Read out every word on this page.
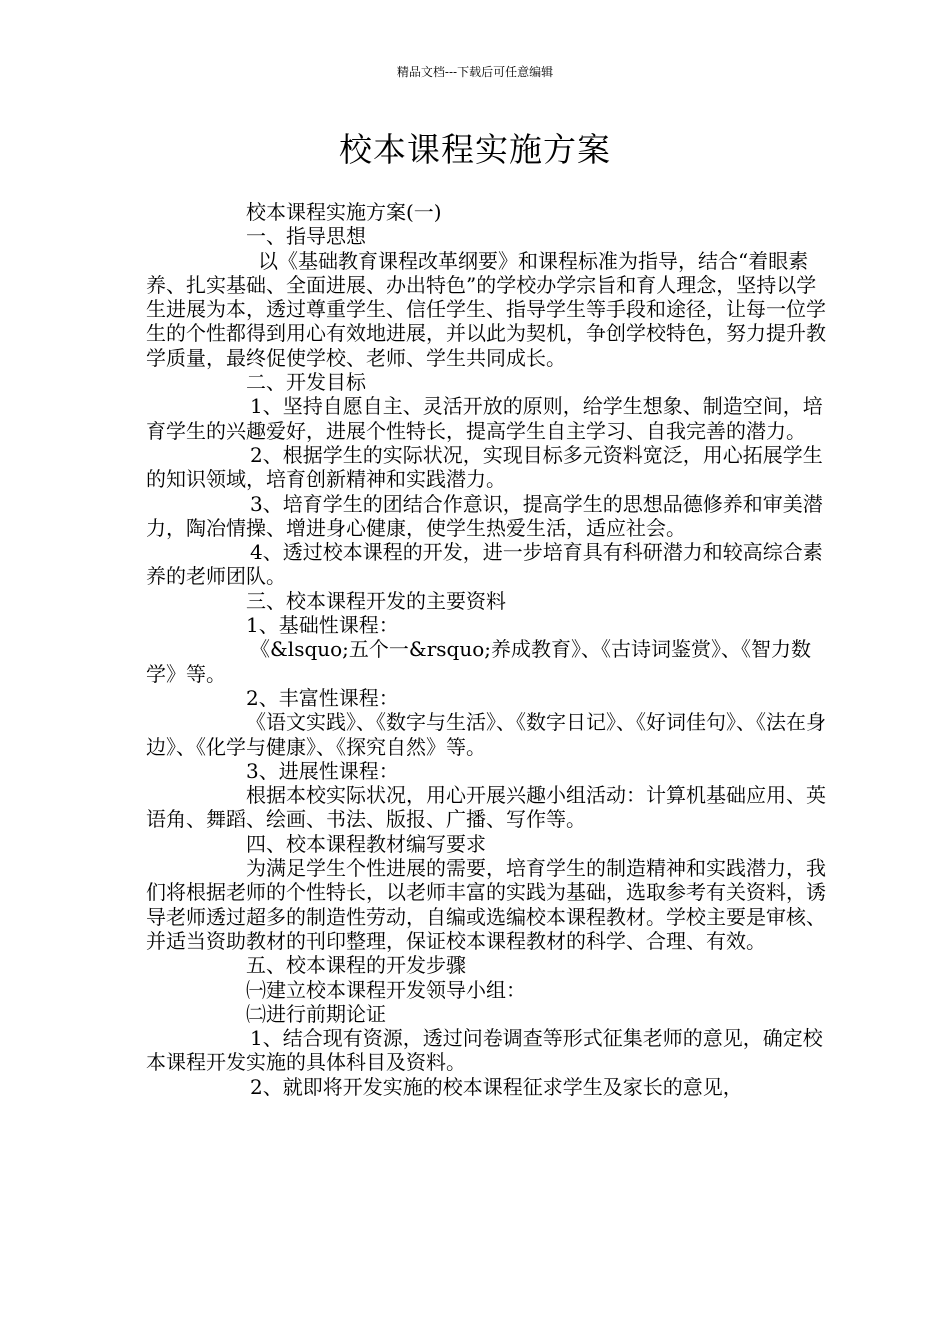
精品文档---下载后可任意编辑
校本课程实施方案

校本课程实施方案(一)

一、指导思想

以《基础教育课程改革纲要》和课程标准为指导，结合“着眼素养、扎实基础、全面进展、办出特色”的学校办学宗旨和育人理念，坚持以学生进展为本，透过尊重学生、信任学生、指导学生等手段和途径，让每一位学生的个性都得到用心有效地进展，并以此为契机，争创学校特色，努力提升教学质量，最终促使学校、老师、学生共同成长。

二、开发目标

1、坚持自愿自主、灵活开放的原则，给学生想象、制造空间，培育学生的兴趣爱好，进展个性特长，提高学生自主学习、自我完善的潜力。

2、根据学生的实际状况，实现目标多元资料宽泛，用心拓展学生的知识领域，培育创新精神和实践潜力。

3、培育学生的团结合作意识，提高学生的思想品德修养和审美潜力，陶冶情操、增进身心健康，使学生热爱生活，适应社会。

4、透过校本课程的开发，进一步培育具有科研潜力和较高综合素养的老师团队。

三、校本课程开发的主要资料

1、基础性课程：

《&lsquo;五个一&rsquo;养成教育》、《古诗词鉴赏》、《智力数学》等。

2、丰富性课程：

《语文实践》、《数字与生活》、《数字日记》、《好词佳句》、《法在身边》、《化学与健康》、《探究自然》等。

3、进展性课程：

根据本校实际状况，用心开展兴趣小组活动：计算机基础应用、英语角、舞蹈、绘画、书法、版报、广播、写作等。

四、校本课程教材编写要求

为满足学生个性进展的需要，培育学生的制造精神和实践潜力，我们将根据老师的个性特长，以老师丰富的实践为基础，选取参考有关资料，诱导老师透过超多的制造性劳动，自编或选编校本课程教材。学校主要是审核、并适当资助教材的刊印整理，保证校本课程教材的科学、合理、有效。

五、校本课程的开发步骤

㈠建立校本课程开发领导小组：

㈡进行前期论证

1、结合现有资源，透过问卷调查等形式征集老师的意见，确定校本课程开发实施的具体科目及资料。

2、就即将开发实施的校本课程征求学生及家长的意见，
